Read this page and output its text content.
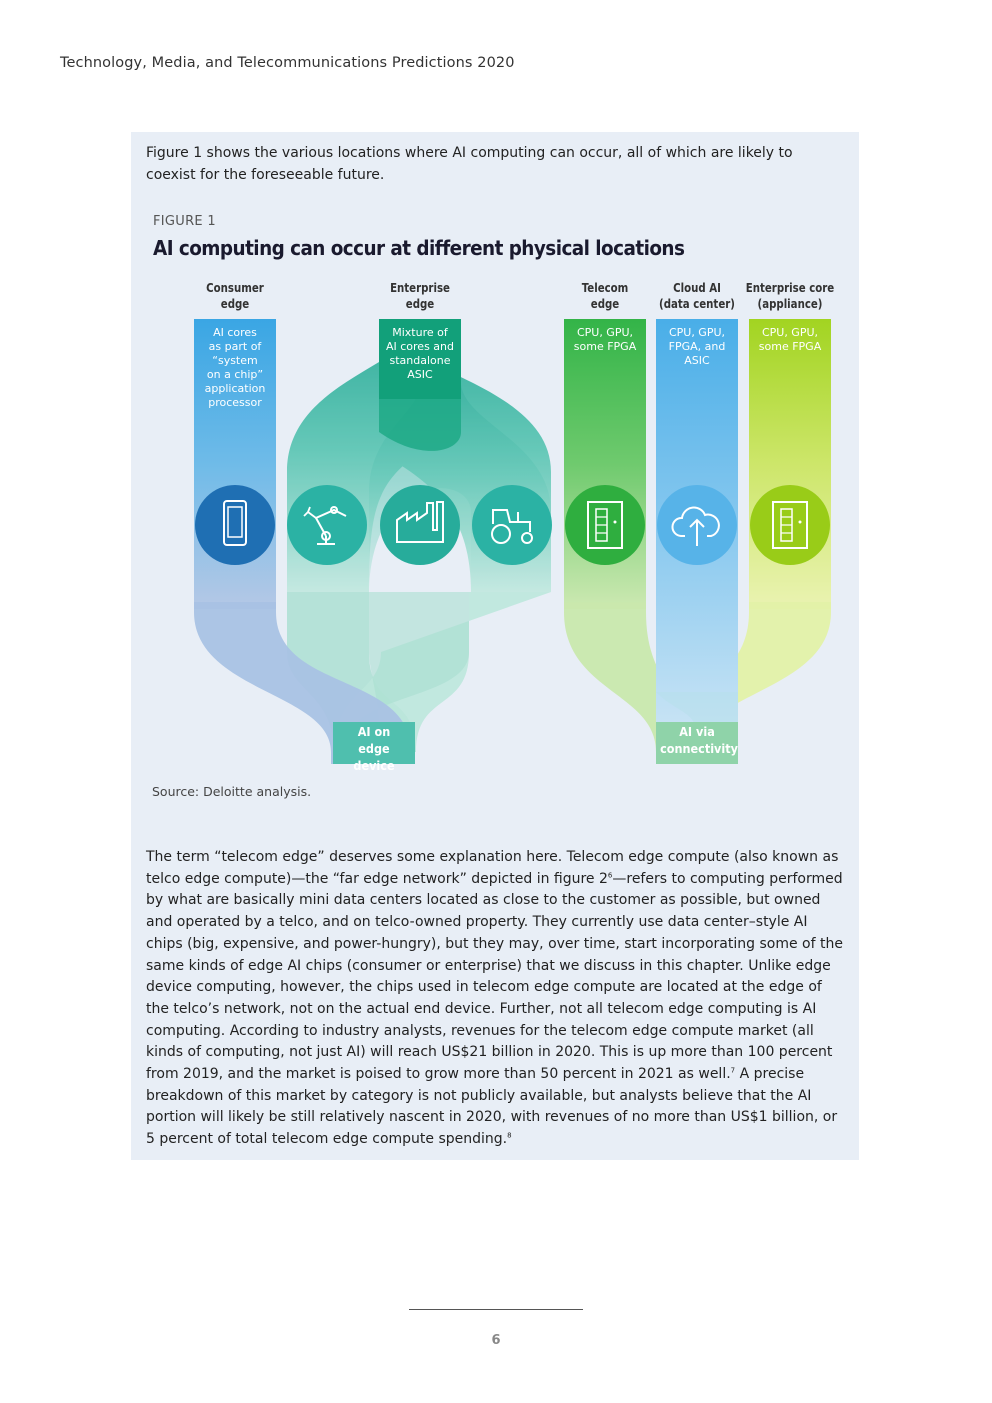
Technology, Media, and Telecommunications Predictions 2020
Figure 1 shows the various locations where AI computing can occur, all of which are likely to coexist for the foreseeable future.
FIGURE 1
AI computing can occur at different physical locations
Consumer
edge
Enterprise
edge
Telecom
edge
Cloud AI
(data center)
Enterprise core
(appliance)
AI cores
as part of
“system
on a chip”
application
processor
Mixture of
AI cores and
standalone
ASIC
CPU, GPU,
some FPGA
CPU, GPU,
FPGA, and
ASIC
CPU, GPU,
some FPGA
AI on
edge device
AI via
connectivity
Source: Deloitte analysis.
The term “telecom edge” deserves some explanation here. Telecom edge compute (also known as telco edge compute)—the “far edge network” depicted in figure $2^6—refers$ to computing performed by what are basically mini data centers located as close to the customer as possible, but owned and operated by a telco, and on telco-owned property. They currently use data center–style AI chips (big, expensive, and power-hungry), but they may, over time, start incorporating some of the same kinds of edge AI chips (consumer or enterprise) that we discuss in this chapter. Unlike edge device computing, however, the chips used in telecom edge compute are located at the edge of the telco’s network, not on the actual end device. Further, not all telecom edge computing is AI computing. According to industry analysts, revenues for the telecom edge compute market (all kinds of computing, not just AI) will reach US$21 billion in 2020. This is up more than 100 percent from 2019, and the market is poised to grow more than 50 percent in 2021 as well.$^7$ A precise breakdown of this market by category is not publicly available, but analysts believe that the AI portion will likely be still relatively nascent in 2020, with revenues of no more than US$1 billion, or 5 percent of total telecom edge compute spending.$^8$
6
